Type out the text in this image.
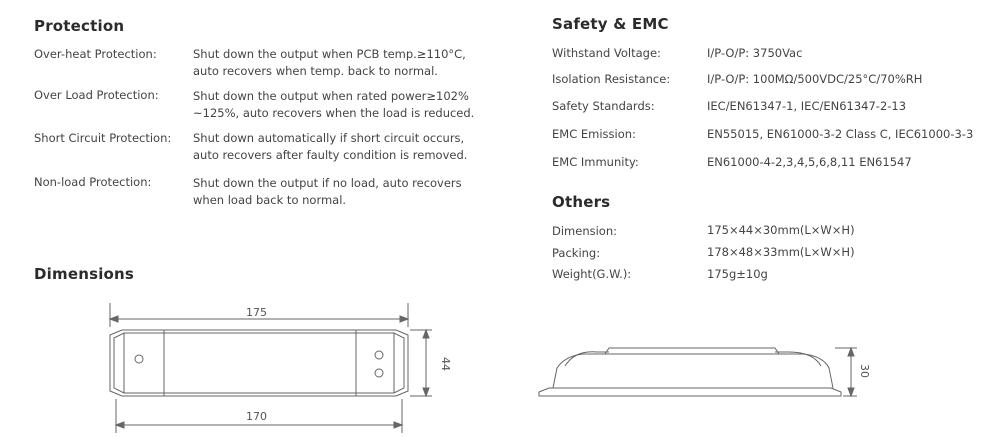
Protection
Over-heat Protection:	Shut down the output when PCB temp.≥110°C,
auto recovers when temp. back to normal.
Over Load Protection:	Shut down the output when rated power≥102%
~125%, auto recovers when the load is reduced.
Short Circuit Protection: Shut down automatically if short circuit occurs,
auto recovers after faulty condition is removed.
Non-load Protection:	Shut down the output if no load, auto recovers
when load back to normal.
Safety & EMC
Withstand Voltage:	I/P-O/P: 3750Vac
Isolation Resistance:	I/P-O/P: 100MΩ/500VDC/25°C/70%RH
Safety Standards:	IEC/EN61347-1, IEC/EN61347-2-13
EMC Emission:	EN55015, EN61000-3-2 Class C, IEC61000-3-3
EMC Immunity:	EN61000-4-2,3,4,5,6,8,11 EN61547
Others
Dimension:	175×44×30mm(L×W×H)
Packing:	178×48×33mm(L×W×H)
Weight(G.W.):	175g±10g
Dimensions
175
170
44	30
